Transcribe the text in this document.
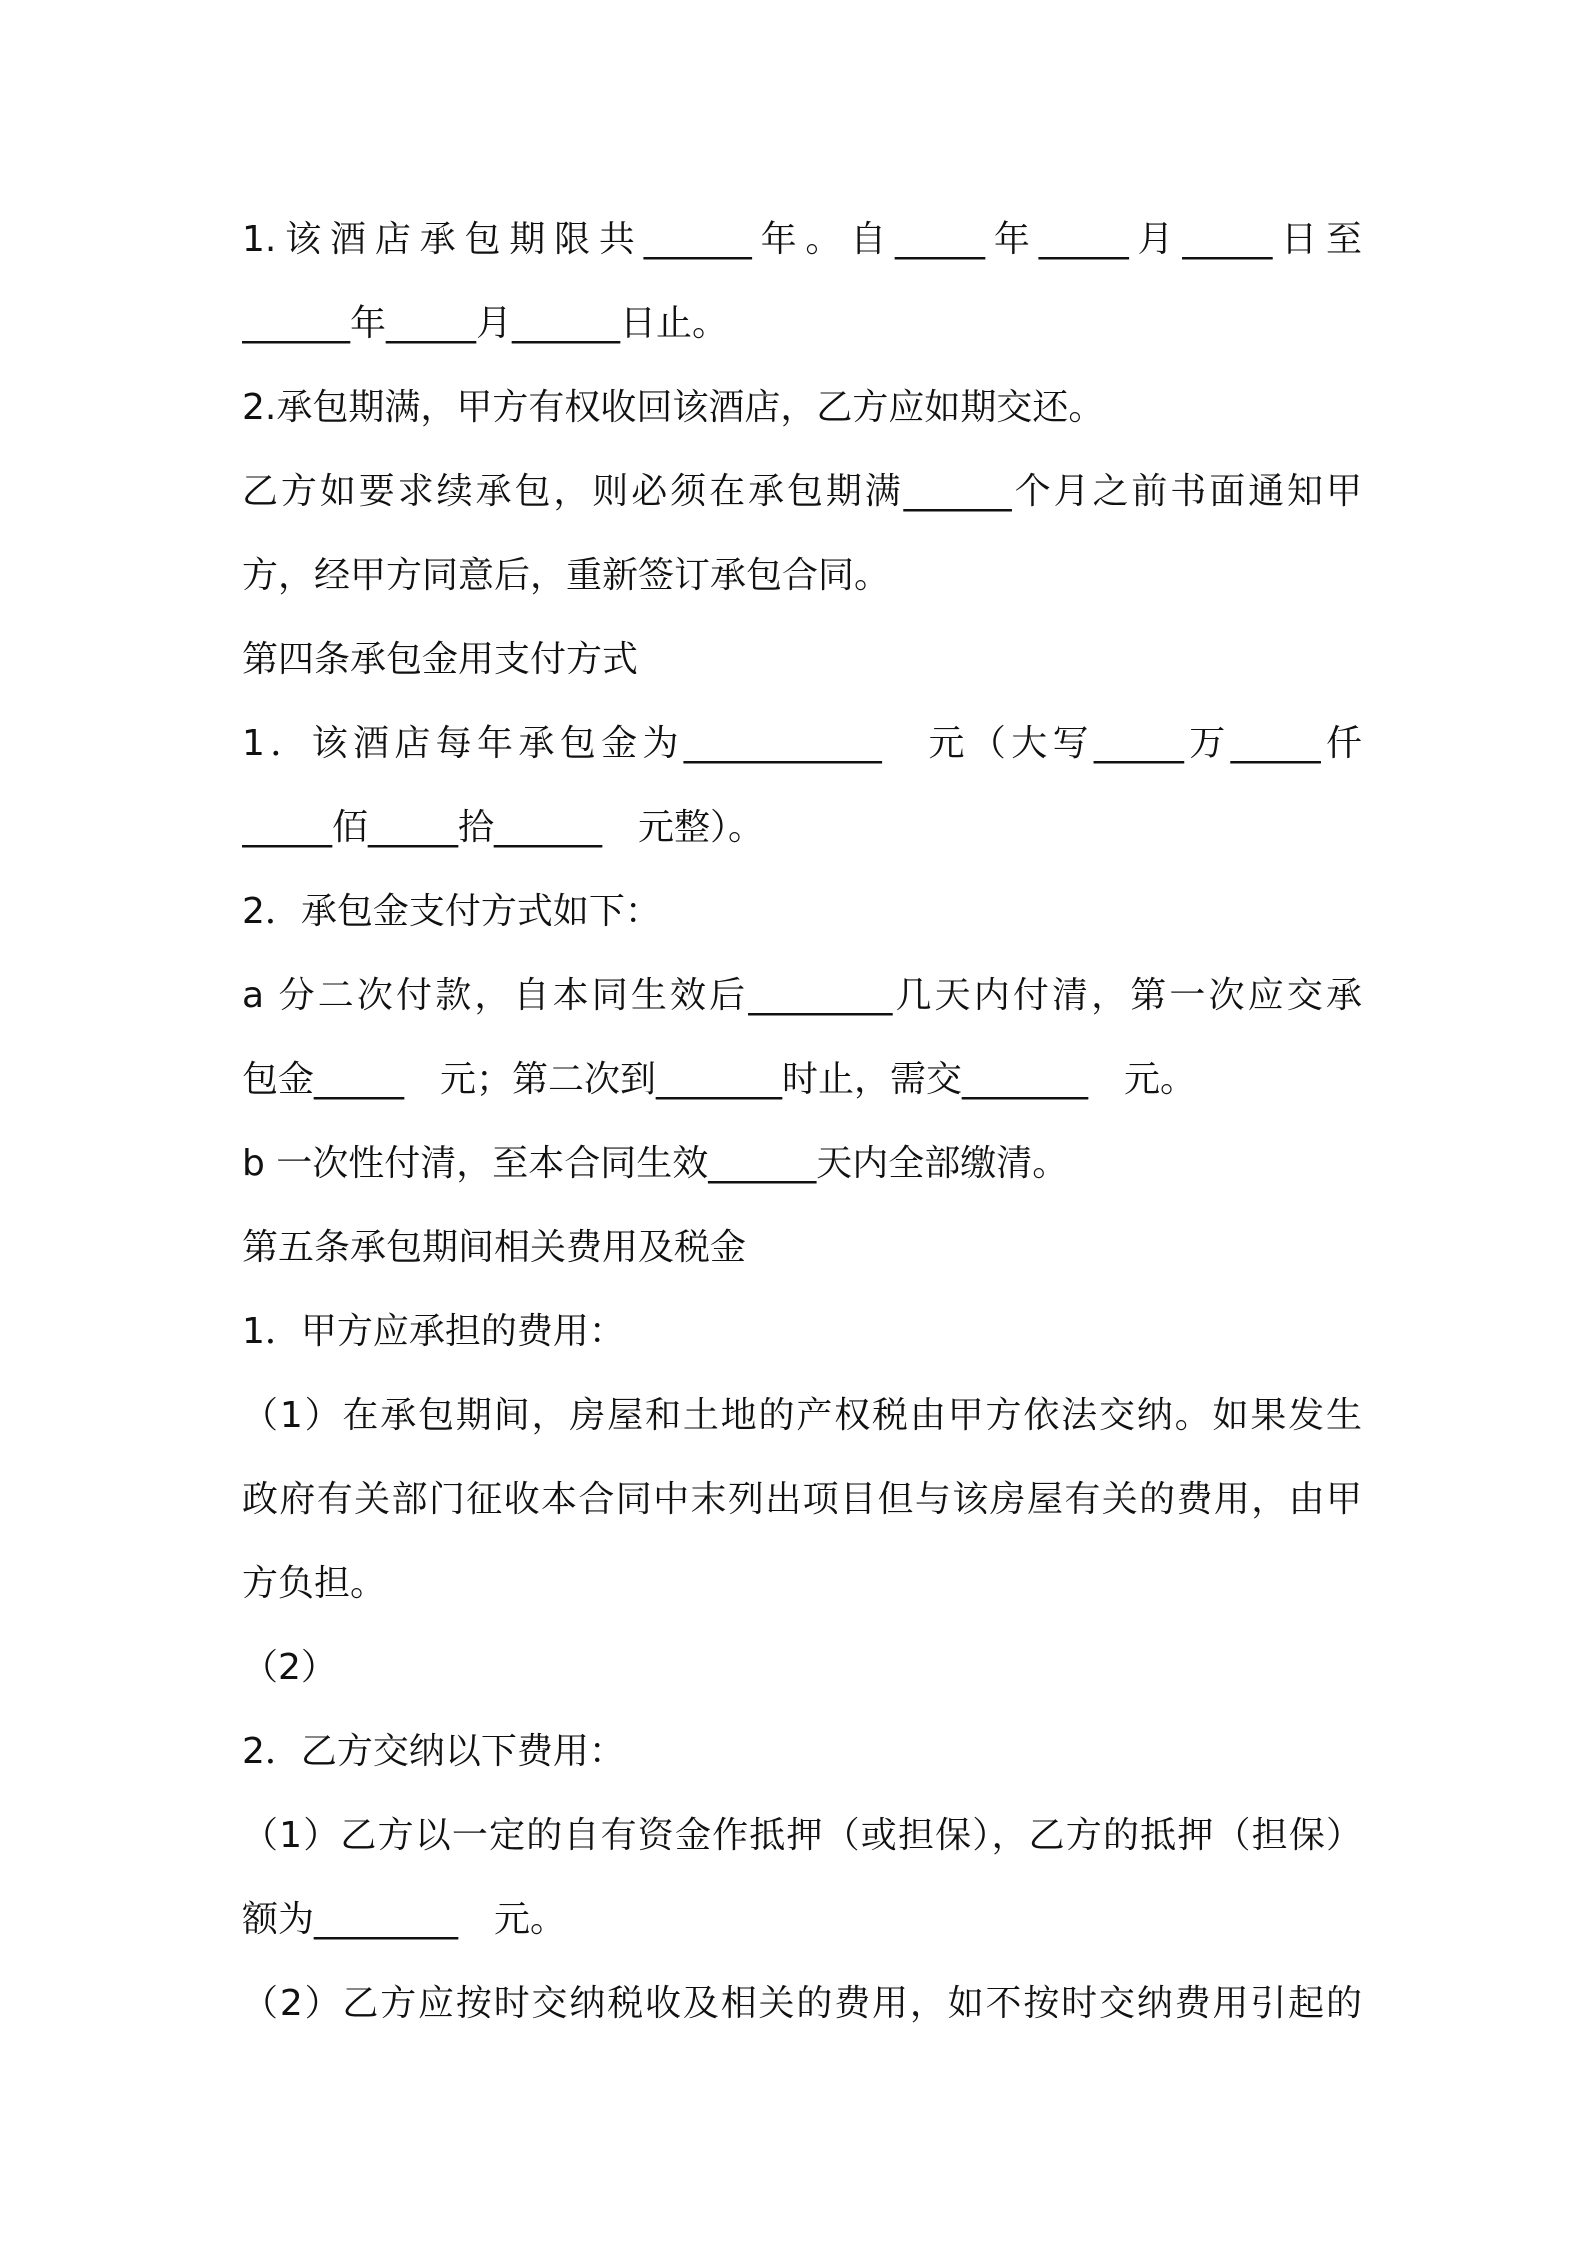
1.该酒店承包期限共______年。自_____年_____月_____日至
______年_____月______日止。
2.承包期满，甲方有权收回该酒店，乙方应如期交还。
乙方如要求续承包，则必须在承包期满______个月之前书面通知甲
方，经甲方同意后，重新签订承包合同。
第四条承包金用支付方式
1．该酒店每年承包金为___________　元（大写_____万_____仟
_____佰_____拾______　元整）。
2．承包金支付方式如下：
a 分二次付款，自本同生效后________几天内付清，第一次应交承
包金_____　元；第二次到_______时止，需交_______　元。
b 一次性付清，至本合同生效______天内全部缴清。
第五条承包期间相关费用及税金
1．甲方应承担的费用：
（1）在承包期间，房屋和土地的产权税由甲方依法交纳。如果发生
政府有关部门征收本合同中末列出项目但与该房屋有关的费用，由甲
方负担。
（2）
2．乙方交纳以下费用：
（1）乙方以一定的自有资金作抵押（或担保），乙方的抵押（担保）
额为________　元。
（2）乙方应按时交纳税收及相关的费用，如不按时交纳费用引起的
